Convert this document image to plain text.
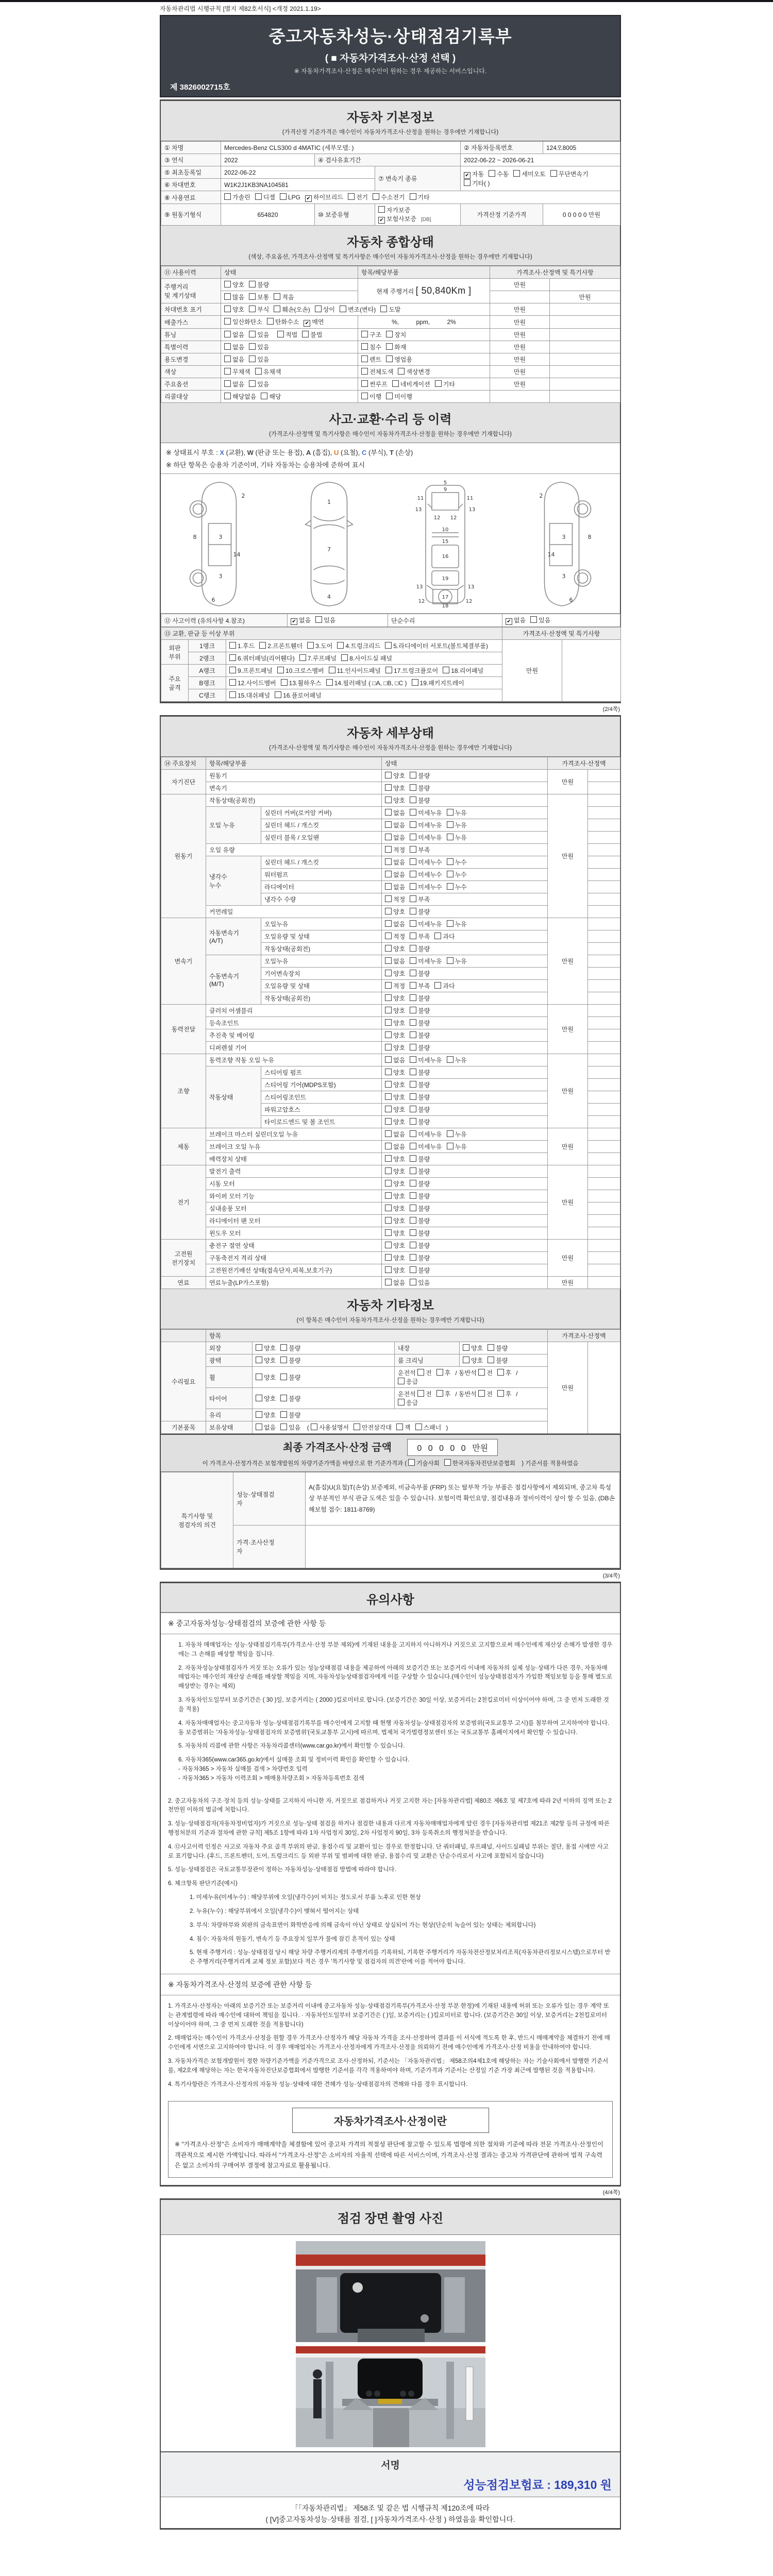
자동차관리법 시행규칙 [별지 제82호서식] <개정 2021.1.19>
중고자동차성능·상태점검기록부
( ■ 자동차가격조사·산정 선택 )
※ 자동차가격조사·산정은 매수인이 원하는 경우 제공하는 서비스입니다.
제 3826002715호
자동차 기본정보
(가격산정 기준가격은 매수인이 자동차가격조사·산정을 원하는 경우에만 기재합니다)
① 차명	Mercedes-Benz CLS300 d 4MATIC (세부모델: )			② 자동차등록번호	124오8005
③ 연식	2022	④ 검사유효기간		2022-06-22 ~ 2026-06-21	
⑤ 최초등록일	2022-06-22		⑦ 변속기 종류	✔ 자동 수동 세미오토 무단변속기기타( )	
⑥ 차대번호	W1K2J1KB3NA104581				
⑧ 사용연료	가솔린 디젤 LPG ✔ 하이브리드 전기 수소전기 기타				
⑨ 원동기형식	654820	⑩ 보증유형	자가보증✔ 보험사보증 [DB]	가격산정 기준가격	0 0 0 0 0 만원
자동차 종합상태
(색상, 주요옵션, 가격조사·산정액 및 특기사항은 매수인이 자동차가격조사·산정을 원하는 경우에만 기재합니다)
⑪ 사용이력	상태	항목/해당부품	가격조사·산정액 및 특기사항		
주행거리
및 계기상태	양호 불량	현재 주행거리 [ 50,840Km ]	만원		
	많음 보통 적음			만원	
차대번호 표기	양호 부식 훼손(오손) 상이 변조(변타) 도말		만원		
배출가스	일산화탄소 탄화수소 ✔ 매연	%,          ppm,          2%	만원		
튜닝	없음 있음 적법 불법	구조 장치	만원		
특별이력	없음 있음	침수 화재	만원		
용도변경	없음 있음	렌트 영업용	만원		
색상	무채색 유채색	전체도색 색상변경	만원		
주요옵션	없음 있음	썬루프 네비게이션 기타	만원		
리콜대상	해당없음 해당	이행 미이행			
사고·교환·수리 등 이력
(가격조사·산정액 및 특기사항은 매수인이 자동차가격조사·산정을 원하는 경우에만 기재합니다)
※ 상태표시 부호 : X (교환), W (판금 또는 용접), A (흠집), U (요철), C (부식), T (손상)
※ 하단 항목은 승용차 기준이며, 기타 자동차는 승용차에 준하여 표시
2
8	3
14
3
6
1
7
4
5
9
11	11
13	13
12 12
10
15
16
19
13	13
12	12
17
18
2
8
3
14
3
6
⑫ 사고이력 (유의사항 4.참조)	✔ 없음 있음	단순수리	✔ 없음 있음
⑬ 교환, 판금 등 이상 부위			가격조사·산정액 및 특기사항	
외판
부위	1랭크	1.후드 2.프론트휀더 3.도어 4.트렁크리드 5.라디에이터 서포트(볼트체결부품)	만원	
	2랭크	6.쿼터패널(리어휀다) 7.루프패널 8.사이드실 패널		
주요
골격	A랭크	9.프론트패널 10.크로스멤버 11.인사이드패널 17.트렁크플로어 18.리어패널		
	B랭크	12.사이드멤버 13.휠하우스 14.필러패널 ( □A, □B, □C ) 19.패키지트레이		
	C랭크	15.대쉬패널 16.플로어패널		
(2/4쪽)
자동차 세부상태
(가격조사·산정액 및 특기사항은 매수인이 자동차가격조사·산정을 원하는 경우에만 기재합니다)
⑭ 주요장치	항목/해당부품		상태	가격조사·산정액	
자기진단	원동기		양호 불량	만원	
	변속기		양호 불량		
원동기	작동상태(공회전)		양호 불량	만원	
	오일 누유	실린더 커버(로커암 커버)	없음 미세누유 누유		
		실린더 헤드 / 개스킷	없음 미세누유 누유		
		실린더 블록 / 오일팬	없음 미세누유 누유		
	오일 유량		적정 부족		
	냉각수
누수	실린더 헤드 / 개스킷	없음 미세누수 누수		
		워터펌프	없음 미세누수 누수		
		라디에이터	없음 미세누수 누수		
		냉각수 수량	적정 부족		
	커먼레일		양호 불량		
변속기	자동변속기
(A/T)	오일누유	없음 미세누유 누유	만원	
		오일유량 및 상태	적정 부족 과다		
		작동상태(공회전)	양호 불량		
	수동변속기
(M/T)	오일누유	없음 미세누유 누유		
		기어변속장치	양호 불량		
		오일유량 및 상태	적정 부족 과다		
		작동상태(공회전)	양호 불량		
동력전달	클러치 어셈블리		양호 불량	만원	
	등속조인트		양호 불량		
	추진축 및 베어링		양호 불량		
	디퍼렌셜 기어		양호 불량		
조향	동력조향 작동 오일 누유		없음 미세누유 누유	만원	
	작동상태	스티어링 펌프	양호 불량		
		스티어링 기어(MDPS포함)	양호 불량		
		스티어링조인트	양호 불량		
		파워고압호스	양호 불량		
		타이로드엔드 및 볼 조인트	양호 불량		
제동	브레이크 마스터 실린더오일 누유		없음 미세누유 누유	만원	
	브레이크 오일 누유		없음 미세누유 누유		
	배력장치 상태		양호 불량		
전기	발전기 출력		양호 불량	만원	
	시동 모터		양호 불량		
	와이퍼 모터 기능		양호 불량		
	실내송풍 모터		양호 불량		
	라디에이터 팬 모터		양호 불량		
	윈도우 모터		양호 불량		
고전원
전기장치	충전구 절연 상태		양호 불량	만원	
	구동축전지 격리 상태		양호 불량		
	고전원전기배선 상태(접속단자,피복,보호기구)		양호 불량		
연료	연료누출(LP가스포함)		없음 있음	만원	
자동차 기타정보
(이 항목은 매수인이 자동차가격조사·산정을 원하는 경우에만 기재합니다)
	항목				가격조사·산정액	
수리필요	외장	양호 불량	내장	양호 불량	만원	
	광택	양호 불량	룸 크리닝	양호 불량		
	휠	양호 불량	운전석 전 후 / 동반석 전 후 / 응급			
	타이어	양호 불량	운전석 전 후 / 동반석 전 후 / 응급			
	유리	양호 불량				
기본품목	보유상태	없음 있음 ( 사용설명서 안전삼각대 잭 스패너 )				
최종 가격조사·산정 금액	0 0 0 0 0 만원
이 가격조사·산정가격은 보험개발원의 차량기준가액을 바탕으로 한 기준가격과 ( 기술사회 한국자동차진단보증협회 ) 기준서를 적용하였음
특기사항 및
점검자의 의견	성능·상태점검
자	A(흠집)U(요철)T(손상) 보증제외, 비금속부품 (FRP) 또는 탈부착 가능 부품은 점검사항에서 제외되며, 중고차 특성상 부분적인 부식 판금 도색은 있을 수 있습니다. 보험이력 확인요망, 점검내용과 정비이력이 상이 할 수 있음, (DB손해보험 접수: 1811-8769)
	가격·조사산정
자	
(3/4쪽)
유의사항
※ 중고자동차성능·상태점검의 보증에 관한 사항 등
1. 자동차 매매업자는 성능·상태점검기록부(가격조사·산정 부분 제외)에 기재된 내용을 고지하지 아니하거나 거짓으로 고지함으로써 매수인에게 재산상 손해가 발생한 경우에는 그 손해를 배상할 책임을 집니다.
2. 자동차성능상태점검자가 거짓 또는 오류가 있는 성능상태점검 내용을 제공하여 아래의 보증기간 또는 보증거리 이내에 자동차의 실제 성능·상태가 다른 경우, 자동차매매업자는 매수인의 재산상 손해를 배상할 책임을 지며, 자동차성능상태점검자에게 이를 구상할 수 있습니다.(매수인이 성능상태점검자가 가입한 책임보험 등을 통해 별도로 배상받는 경우는 제외)
3. 자동차인도일부터 보증기간은 ( 30 )일, 보증거리는 ( 2000 )킬로미터로 합니다. (보증기간은 30일 이상, 보증거리는 2천킬로미터 이상이어야 하며, 그 중 먼저 도래한 것을 적용)
4. 자동차매매업자는 중고자동차 성능·상태점검기록부를 매수인에게 고지할 때 현행 자동차성능·상태점검자의 보증범위(국토교통부 고시)를 첨부하여 고지하여야 합니다. 동 보증범위는 '자동차성능·상태점검자의 보증범위'(국토교통부 고시)에 따르며, 법제처 국가법령정보센터 또는 국토교통부 홈페이지에서 확인할 수 있습니다.
5. 자동차의 리콜에 관한 사항은 자동차리콜센터(www.car.go.kr)에서 확인할 수 있습니다.
6. 자동차365(www.car365.go.kr)에서 실매물 조회 및 정비이력 확인을 확인할 수 있습니다.
- 자동차365 > 자동차 실매물 검색 > 차량번호 입력
- 자동차365 > 자동차 이력조회 > 매매용차량조회 > 자동차등록번호 검색
2. 중고자동차의 구조·장치 등의 성능·상태를 고지하지 아니한 자, 거짓으로 점검하거나 거짓 고지한 자는 [자동차관리법] 제80조 제6호 및 제7호에 따라 2년 이하의 징역 또는 2천만원 이하의 벌금에 처합니다.
3. 성능·상태점검자(자동차정비업자)가 거짓으로 성능·상태 점검을 하거나 점검한 내용과 다르게 자동차매매업자에게 알린 경우 [자동차관리법 제21조 제2항 등의 규정에 따른 행정처분의 기준과 절차에 관한 규칙] 제5조 1항에 따라 1차 사업정지 30일, 2차 사업정지 90일, 3차 등록취소의 행정처분을 받습니다.
4. ⑫사고이력 인정은 사고로 자동차 주요 골격 부위의 판금, 용접수리 및 교환이 있는 경우로 한정합니다. 단 쿼터패널, 루프패널, 사이드실패널 부위는 절단, 용접 시에만 사고로 표기합니다. (후드, 프론트펜더, 도어, 트렁크리드 등 외판 부위 및 범퍼에 대한 판금, 용접수리 및 교환은 단순수리로서 사고에 포함되지 않습니다)
5. 성능·상태점검은 국토교통부장관이 정하는 자동차성능·상태점검 방법에 따라야 합니다.
6. 체크항목 판단기준(예시)
1. 미세누유(미세누수) : 해당부위에 오일(냉각수)이 비치는 정도로서 부품 노후로 인한 현상
2. 누유(누수) : 해당부위에서 오일(냉각수)이 맺혀서 떨어지는 상태
3. 부식: 차량하부와 외판의 금속표면이 화학반응에 의해 금속이 아닌 상태로 상실되어 가는 현상(단순히 녹슬어 있는 상태는 제외합니다)
4. 침수: 자동차의 원동기, 변속기 등 주요장치 일부가 물에 잠긴 흔적이 있는 상태
5. 현재 주행거리 : 성능·상태점검 당시 해당 차량 주행거리계의 주행거리를 기록하되, 기록한 주행거리가 자동차전산정보처리조직(자동차관리정보시스템)으로부터 받은 주행거리(주행거리계 교체 정보 포함)보다 적은 경우 '특기사항 및 점검자의 의견'란에 이를 적어야 합니다.
※ 자동차가격조사·산정의 보증에 관한 사항 등
1. 가격조사·산정자는 아래의 보증기간 또는 보증거리 이내에 중고자동차 성능·상태점검기록부(가격조사·산정 부분 한정)에 기재된 내용에 허위 또는 오류가 있는 경우 계약 또는 관계법령에 따라 매수인에 대하여 책임을 집니다. · 자동차인도일부터 보증기간은 ( )일, 보증거리는 ( )킬로미터로 합니다. (보증기간은 30일 이상, 보증거리는 2천킬로미터 이상이어야 하며, 그 중 먼저 도래한 것을 적용합니다)
2. 매매업자는 매수인이 가격조사·산정을 원할 경우 가격조사·산정자가 해당 자동차 가격을 조사·산정하여 결과를 이 서식에 적도록 한 후, 반드시 매매계약을 체결하기 전에 매수인에게 서면으로 고지하여야 합니다. 이 경우 매매업자는 가격조사·산정자에게 가격조사·산정을 의뢰하기 전에 매수인에게 가격조사·산정 비용을 안내하여야 합니다.
3. 자동차가격은 보험개발원이 정한 차량기준가액을 기준가격으로 조사·산정하되, 기준서는 「자동차관리법」 제58조의4제1호에 해당하는 자는 기술사회에서 발행한 기준서를, 제2호에 해당하는 자는 한국자동차진단보증협회에서 발행한 기준서를 각각 적용하여야 하며, 기준가격과 기준서는 산정일 기준 가장 최근에 발행된 것을 적용합니다.
4. 특기사항란은 가격조사·산정자의 자동차 성능·상태에 대한 견해가 성능·상태점검자의 견해와 다를 경우 표시합니다.
자동차가격조사·산정이란
※ "가격조사·산정"은 소비자가 매매계약을 체결함에 있어 중고차 가격의 적절성 판단에 참고할 수 있도록 법령에 의한 절차와 기준에 따라 전문 가격조사·산정인이 객관적으로 제시한 가액입니다. 따라서 "가격조사·산정"은 소비자의 자율적 선택에 따른 서비스이며, 가격조사·산정 결과는 중고차 가격판단에 관하여 법적 구속력은 없고 소비자의 구매여부 결정에 참고자료로 활용됩니다.
(4/4쪽)
점검 장면 촬영 사진
서명
성능점검보험료 : 189,310 원
「「자동차관리법」 제58조 및 같은 법 시행규칙 제120조에 따라
( [V]중고자동차성능·상태를 점검, [ ]자동차가격조사·산정 ) 하였음을 확인합니다.
